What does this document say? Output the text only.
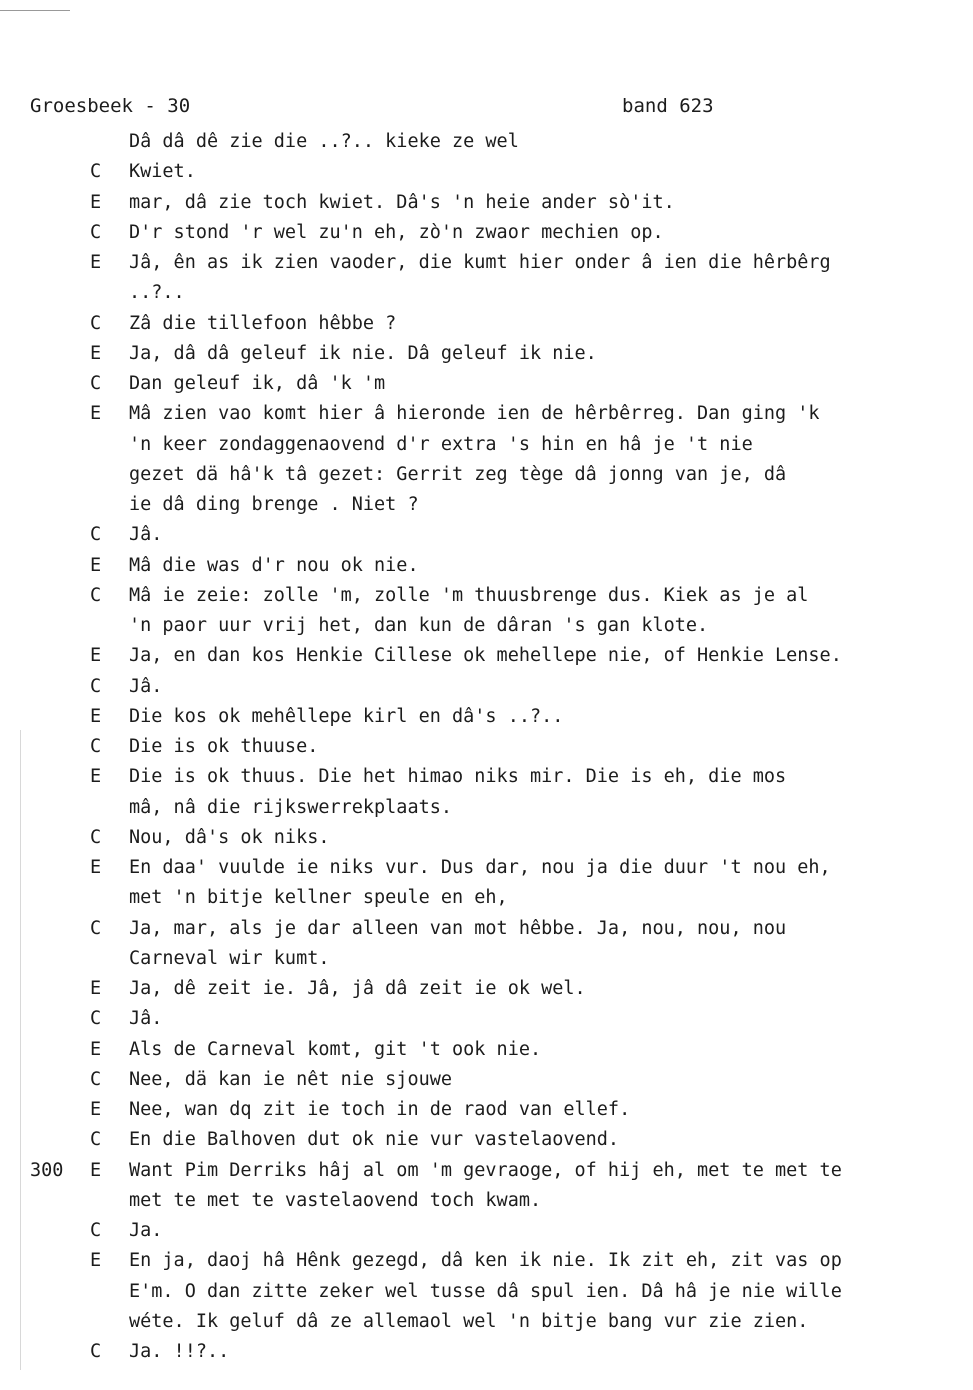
Groesbeek - 30	band 623
Dâ dâ dê zie die ..?.. kieke ze wel
C Kwiet.
E mar, dâ zie toch kwiet. Dâ's 'n heie ander sò'it.
C D'r stond 'r wel zu'n eh, zò'n zwaor mechien op.
E Jâ, ên as ik zien vaoder, die kumt hier onder â ien die hêrbêrg
..?..
C Zâ die tillefoon hêbbe ?
E Ja, dâ dâ geleuf ik nie. Dâ geleuf ik nie.
C Dan geleuf ik, dâ 'k 'm
E Mâ zien vao komt hier â hieronde ien de hêrbêrreg. Dan ging 'k
'n keer zondaggenaovend d'r extra 's hin en hâ je 't nie
gezet dä hâ'k tâ gezet: Gerrit zeg tège dâ jonng van je, dâ
ie dâ ding brenge . Niet ?
C Jâ.
E Mâ die was d'r nou ok nie.
C Mâ ie zeie: zolle 'm, zolle 'm thuusbrenge dus. Kiek as je al
'n paor uur vrij het, dan kun de dâran 's gan klote.
E Ja, en dan kos Henkie Cillese ok mehellepe nie, of Henkie Lense.
C Jâ.
E Die kos ok mehêllepe kirl en dâ's ..?..
C Die is ok thuuse.
E Die is ok thuus. Die het himao niks mir. Die is eh, die mos
mâ, nâ die rijkswerrekplaats.
C Nou, dâ's ok niks.
E En daa' vuulde ie niks vur. Dus dar, nou ja die duur 't nou eh,
met 'n bitje kellner speule en eh,
C Ja, mar, als je dar alleen van mot hêbbe. Ja, nou, nou, nou
Carneval wir kumt.
E Ja, dê zeit ie. Jâ, jâ dâ zeit ie ok wel.
C Jâ.
E Als de Carneval komt, git 't ook nie.
C Nee, dä kan ie nêt nie sjouwe
E Nee, wan dq zit ie toch in de raod van ellef.
C En die Balhoven dut ok nie vur vastelaovend.
300 E Want Pim Derriks hâj al om 'm gevraoge, of hij eh, met te met te
met te met te vastelaovend toch kwam.
C Ja.
E En ja, daoj hâ Hênk gezegd, dâ ken ik nie. Ik zit eh, zit vas op
E'm. O dan zitte zeker wel tusse dâ spul ien. Dâ hâ je nie wille
wéte. Ik geluf dâ ze allemaol wel 'n bitje bang vur zie zien.
C Ja. !!?..
